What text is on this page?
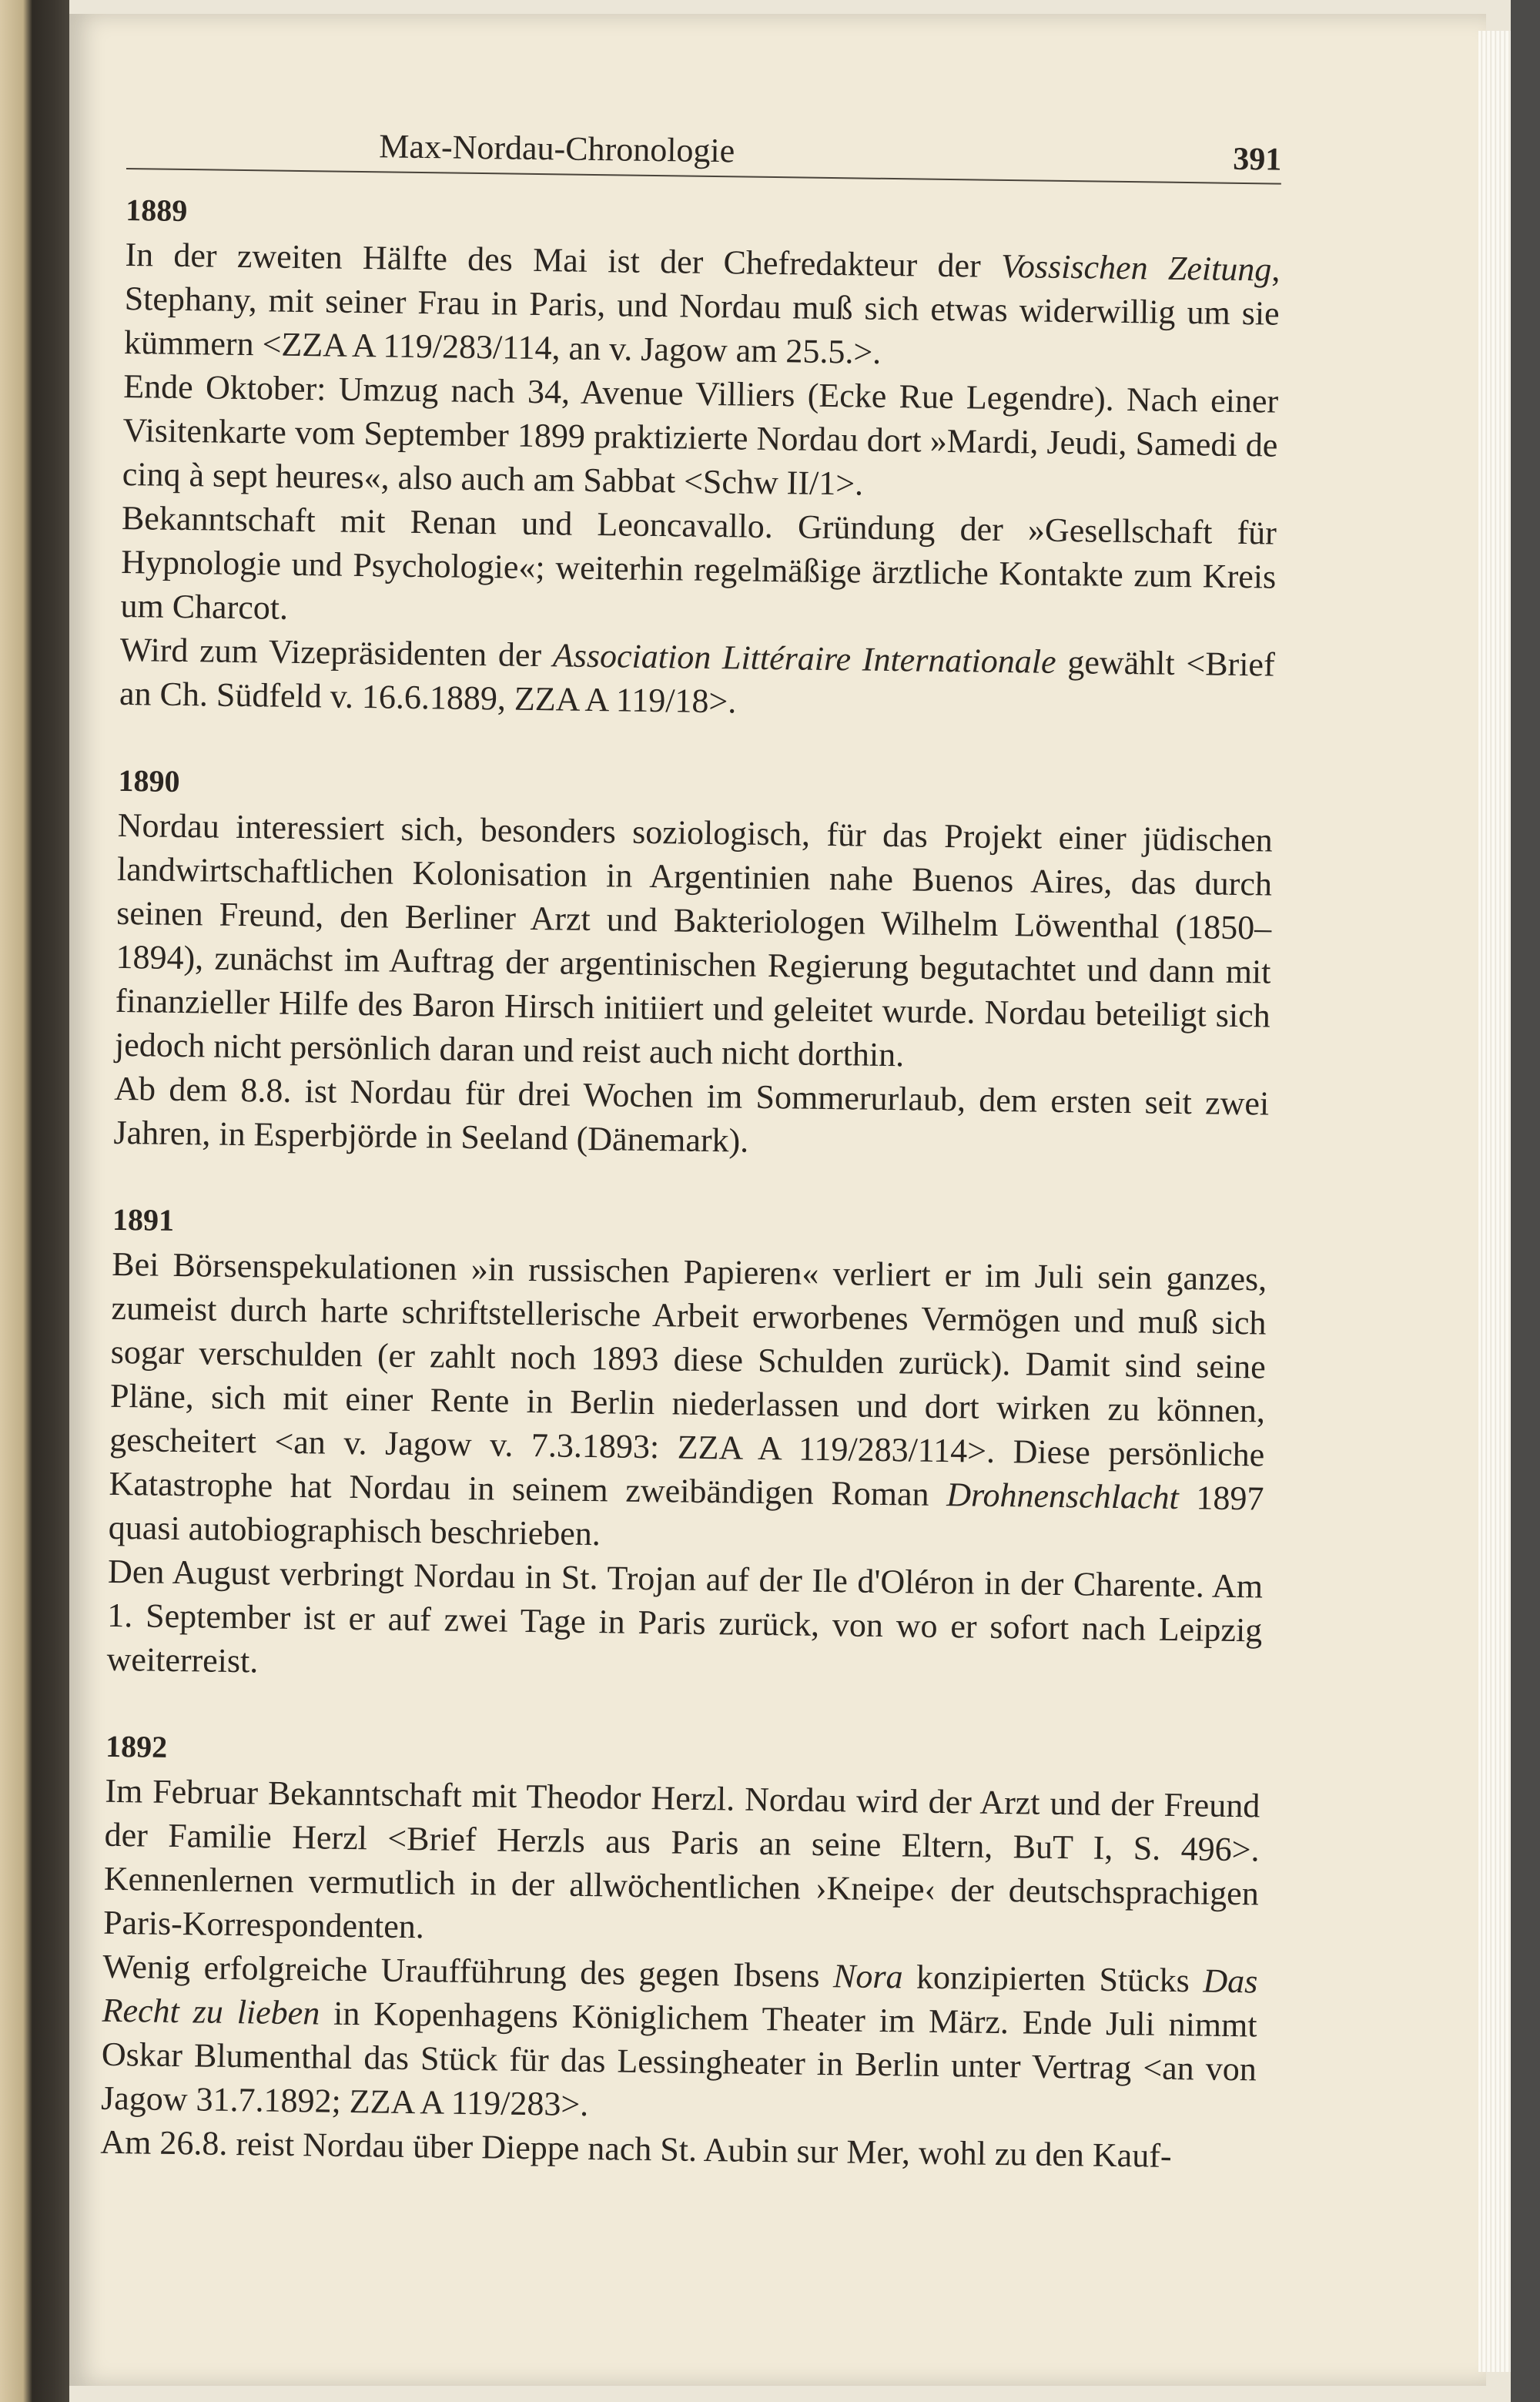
Max-Nordau-Chronologie	391

1889

In der zweiten Hälfte des Mai ist der Chefredakteur der Vossischen Zeitung, Stephany, mit seiner Frau in Paris, und Nordau muß sich etwas widerwillig um sie kümmern <ZZA A 119/283/114, an v. Jagow am 25.5.>.

Ende Oktober: Umzug nach 34, Avenue Villiers (Ecke Rue Legendre). Nach einer Visitenkarte vom September 1899 praktizierte Nordau dort »Mardi, Jeudi, Samedi de cinq à sept heures«, also auch am Sabbat <Schw II/1>.

Bekanntschaft mit Renan und Leoncavallo. Gründung der »Gesellschaft für Hypnologie und Psychologie«; weiterhin regelmäßige ärztliche Kontakte zum Kreis um Charcot.

Wird zum Vizepräsidenten der Association Littéraire Internationale gewählt <Brief an Ch. Südfeld v. 16.6.1889, ZZA A 119/18>.

1890

Nordau interessiert sich, besonders soziologisch, für das Projekt einer jüdischen landwirtschaftlichen Kolonisation in Argentinien nahe Buenos Aires, das durch seinen Freund, den Berliner Arzt und Bakteriologen Wilhelm Löwenthal (1850–1894), zunächst im Auftrag der argentinischen Regierung begutachtet und dann mit finanzieller Hilfe des Baron Hirsch initiiert und geleitet wurde. Nordau beteiligt sich jedoch nicht persönlich daran und reist auch nicht dorthin.

Ab dem 8.8. ist Nordau für drei Wochen im Sommerurlaub, dem ersten seit zwei Jahren, in Esperbjörde in Seeland (Dänemark).

1891

Bei Börsenspekulationen »in russischen Papieren« verliert er im Juli sein ganzes, zumeist durch harte schriftstellerische Arbeit erworbenes Vermögen und muß sich sogar verschulden (er zahlt noch 1893 diese Schulden zurück). Damit sind seine Pläne, sich mit einer Rente in Berlin niederlassen und dort wirken zu können, gescheitert <an v. Jagow v. 7.3.1893: ZZA A 119/283/114>. Diese persönliche Katastrophe hat Nordau in seinem zweibändigen Roman Drohnenschlacht 1897 quasi autobiographisch beschrieben.

Den August verbringt Nordau in St. Trojan auf der Ile d'Oléron in der Charente. Am 1. September ist er auf zwei Tage in Paris zurück, von wo er sofort nach Leipzig weiterreist.

1892

Im Februar Bekanntschaft mit Theodor Herzl. Nordau wird der Arzt und der Freund der Familie Herzl <Brief Herzls aus Paris an seine Eltern, BuT I, S. 496>. Kennenlernen vermutlich in der allwöchentlichen ›Kneipe‹ der deutschsprachigen Paris-Korrespondenten.

Wenig erfolgreiche Uraufführung des gegen Ibsens Nora konzipierten Stücks Das Recht zu lieben in Kopenhagens Königlichem Theater im März. Ende Juli nimmt Oskar Blumenthal das Stück für das Lessingheater in Berlin unter Vertrag <an von Jagow 31.7.1892; ZZA A 119/283>.

Am 26.8. reist Nordau über Dieppe nach St. Aubin sur Mer, wohl zu den Kauf-
